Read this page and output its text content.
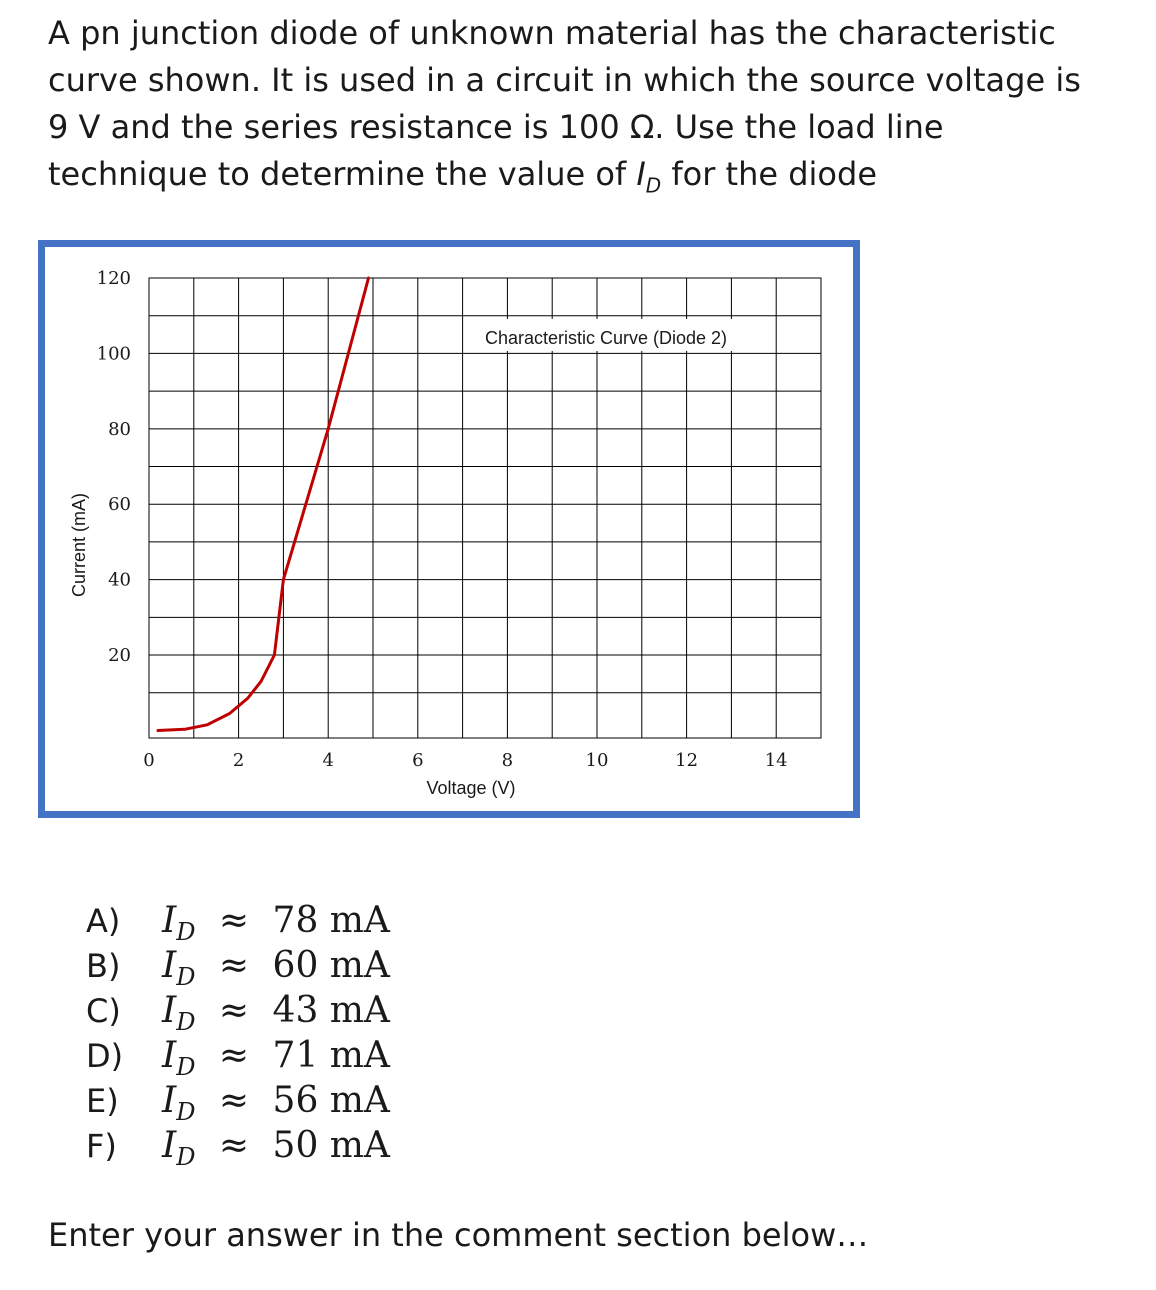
A pn junction diode of unknown material has the characteristic curve shown. It is used in a circuit in which the source voltage is 9 V and the series resistance is 100 Ω. Use the load line technique to determine the value of $I_D$ for the diode
Characteristic Curve (Diode 2)
0	2	4	6	8	10	12	14
20
40
60
80
100
120
Voltage (V)
Current (mA)
A) $I_D \approx 78$ mA
B) $I_D \approx 60$ mA
C) $I_D \approx 43$ mA
D) $I_D \approx 71$ mA
E) $I_D \approx 56$ mA
F) $I_D \approx 50$ mA
Enter your answer in the comment section below…
